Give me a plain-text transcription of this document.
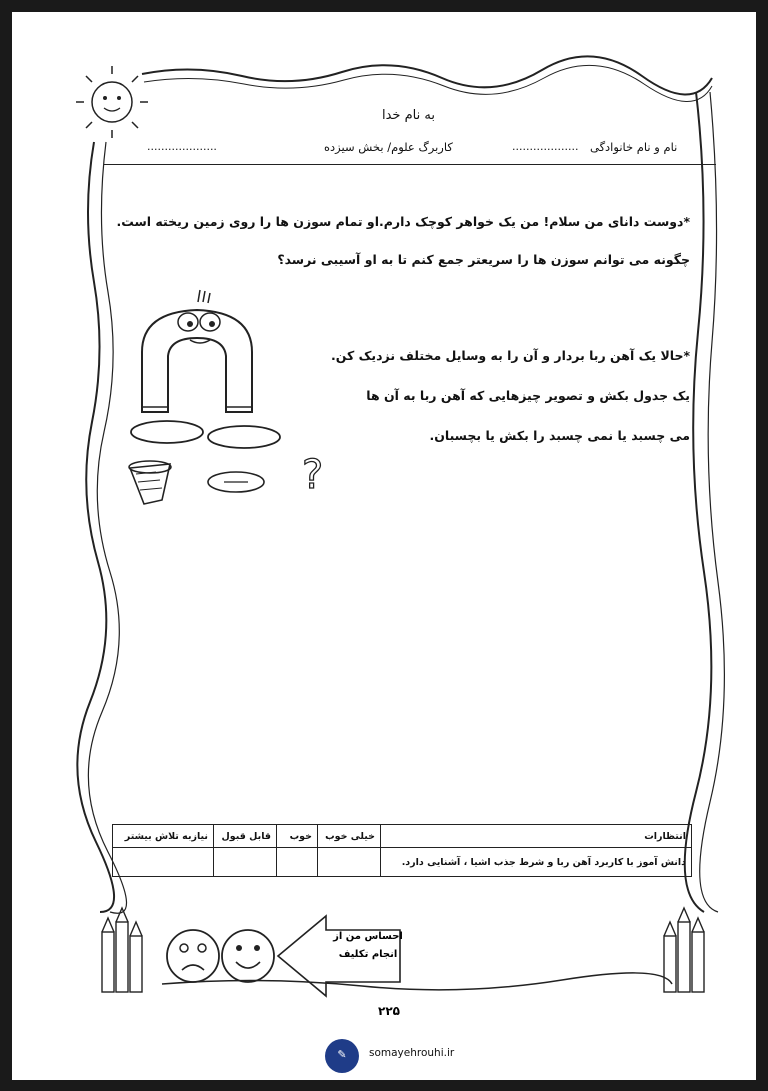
?
به نام خدا
نام و نام خانوادگی
...................
کاربرگ علوم/ بخش سیزده
....................
*دوست دانای من سلام! من یک خواهر کوچک دارم.او تمام سوزن ها را روی زمین ریخته است.
چگونه می توانم سوزن ها را سریعتر جمع کنم تا به او آسیبی نرسد؟
*حالا یک آهن ربا بردار و آن را به وسایل مختلف نزدیک کن.
یک جدول بکش و تصویر چیزهایی که آهن ربا به آن ها
می چسبد یا نمی چسبد را بکش یا بچسبان.
انتظارات	خیلی خوب	خوب	قابل قبول	نیازبه تلاش بیشتر
دانش آموز با کاربرد آهن ربا و شرط جذب اشیا ، آشنایی دارد.				
احساس من از
انجام تکلیف
۲۲۵
✎	somayehrouhi.ir
